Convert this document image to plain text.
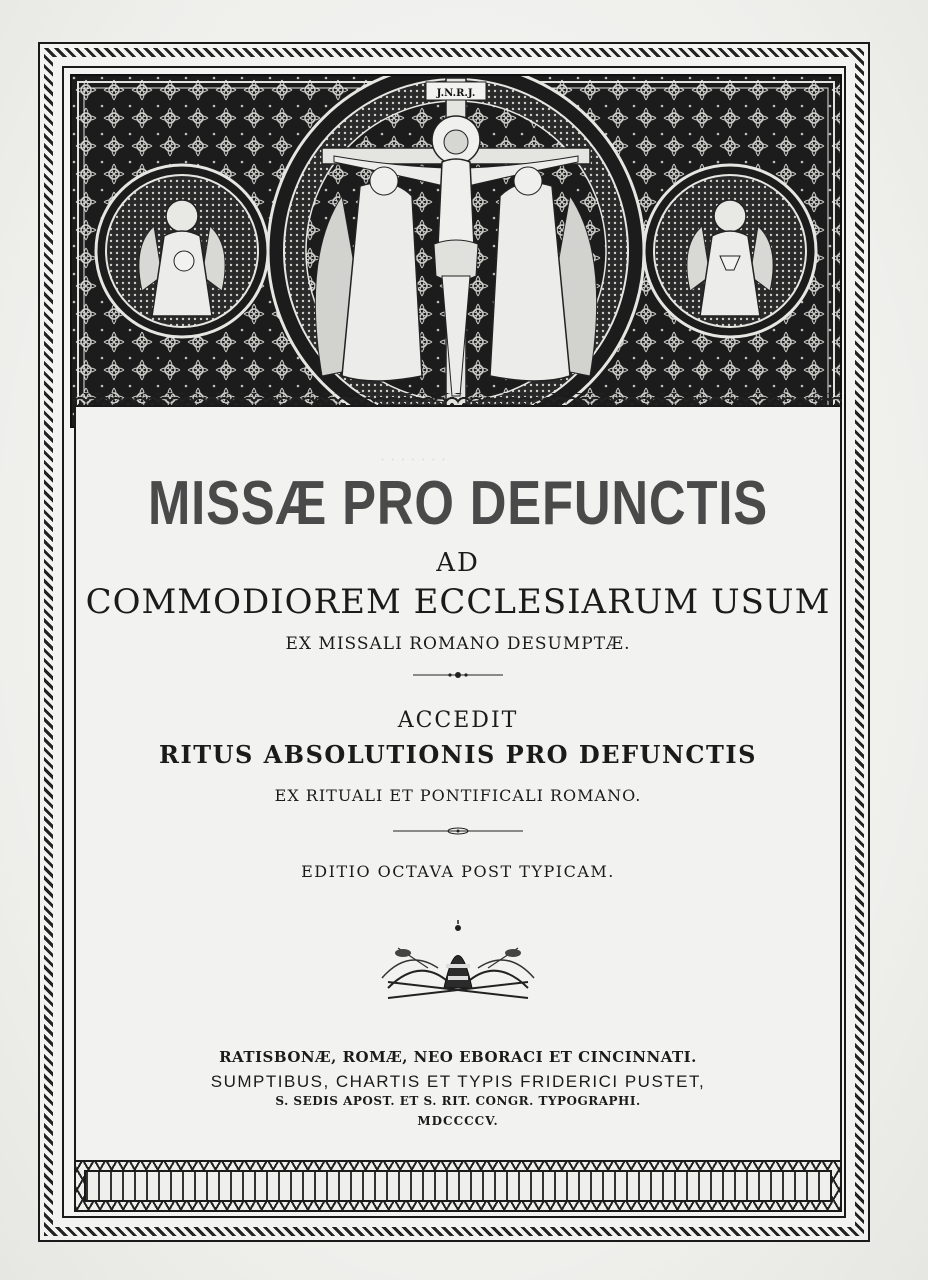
J.N.R.J.
· · · · · · ·
MISSÆ PRO DEFUNCTIS
AD
COMMODIOREM ECCLESIARUM USUM
EX MISSALI ROMANO DESUMPTÆ.
ACCEDIT
RITUS ABSOLUTIONIS PRO DEFUNCTIS
EX RITUALI ET PONTIFICALI ROMANO.
EDITIO OCTAVA POST TYPICAM.
RATISBONÆ, ROMÆ, NEO EBORACI ET CINCINNATI.
SUMPTIBUS, CHARTIS ET TYPIS FRIDERICI PUSTET,
S. SEDIS APOST. ET S. RIT. CONGR. TYPOGRAPHI.
MDCCCCV.
